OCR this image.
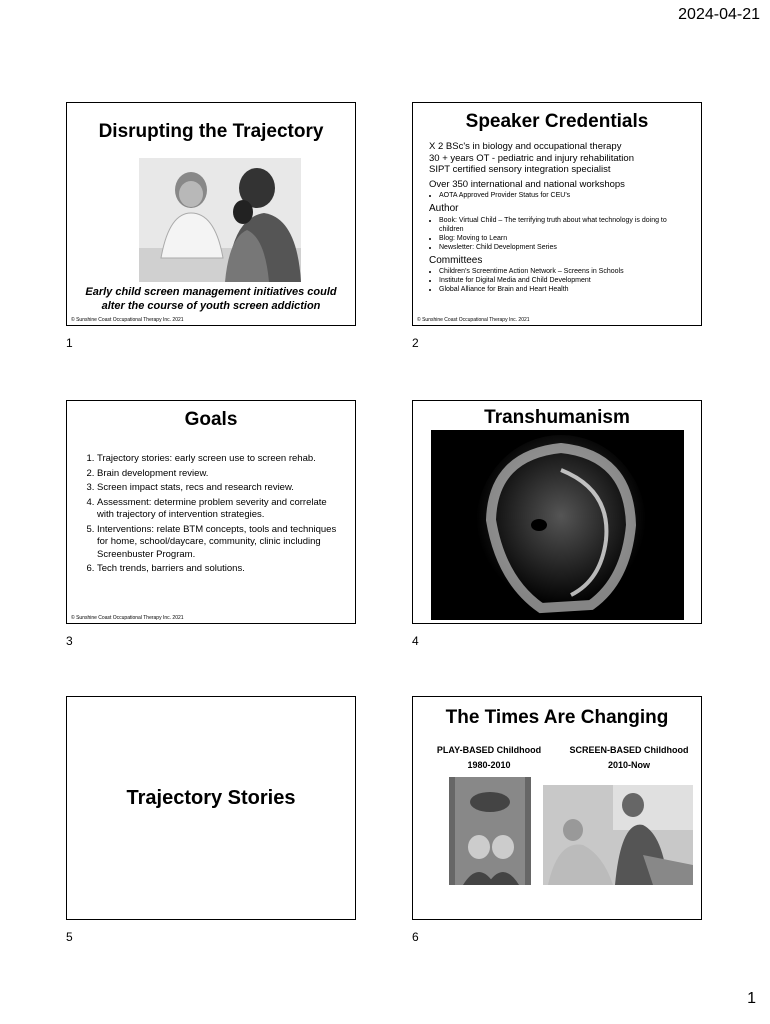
2024-04-21
Disrupting the Trajectory
Early child screen management initiatives could
alter the course of youth screen addiction
© Sunshine Coast Occupational Therapy Inc. 2021
1
Speaker Credentials
X 2 BSc's in biology and occupational therapy
30 + years OT - pediatric and injury rehabilitation
SIPT certified sensory integration specialist
Over 350 international and national workshops
• AOTA Approved Provider Status for CEU's
Author
• Book: Virtual Child – The terrifying truth about what technology is doing to children
• Blog: Moving to Learn
• Newsletter: Child Development Series
Committees
• Children's Screentime Action Network – Screens in Schools
• Institute for Digital Media and Child Development
• Global Alliance for Brain and Heart Health
© Sunshine Coast Occupational Therapy Inc. 2021
2
Goals
1. Trajectory stories: early screen use to screen rehab.
2. Brain development review.
3. Screen impact stats, recs and research review.
4. Assessment: determine problem severity and correlate with trajectory of intervention strategies.
5. Interventions: relate BTM concepts, tools and techniques for home, school/daycare, community, clinic including Screenbuster Program.
6. Tech trends, barriers and solutions.
© Sunshine Coast Occupational Therapy Inc. 2021
3
Transhumanism
4
Trajectory Stories
5
The Times Are Changing
PLAY-BASED Childhood
1980-2010
SCREEN-BASED Childhood
2010-Now
6
1
